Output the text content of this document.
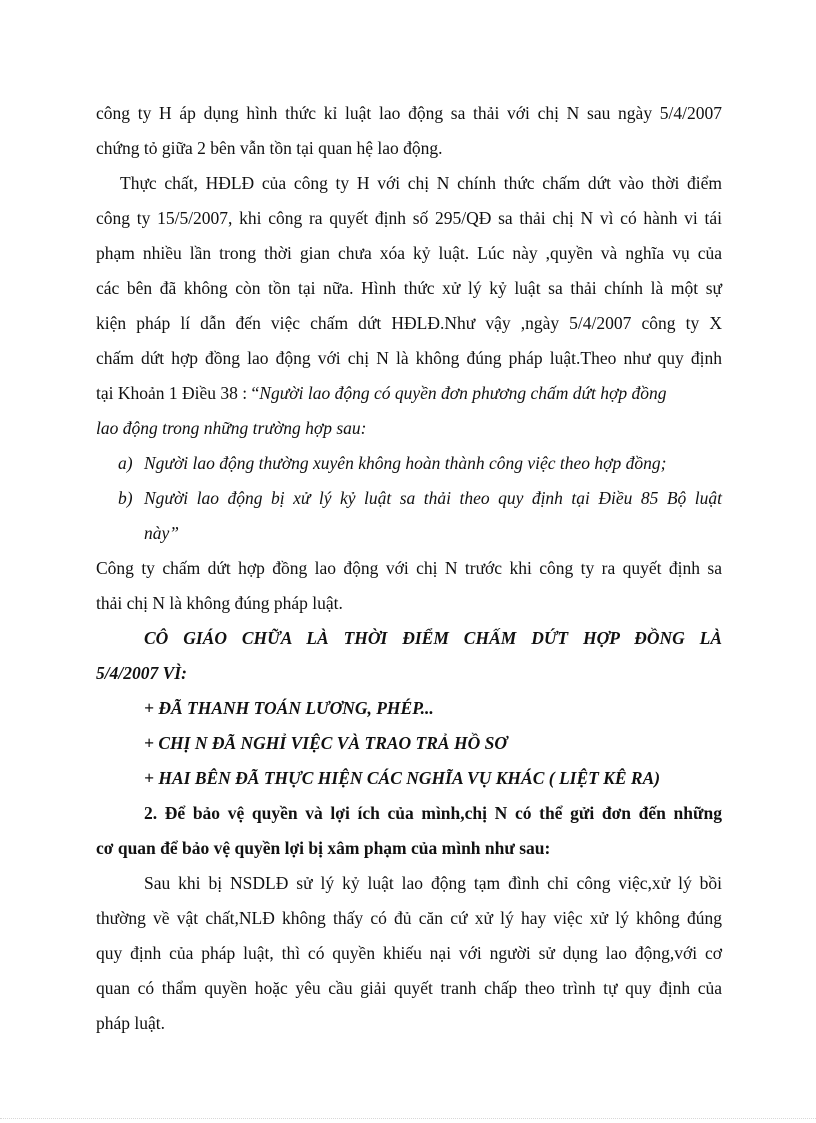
công ty H áp dụng hình thức kỉ luật lao động sa thải với chị N sau ngày 5/4/2007
chứng tỏ giữa 2 bên vẫn tồn tại quan hệ lao động.
Thực chất, HĐLĐ của công ty H với chị N chính thức chấm dứt vào thời điểm
công ty 15/5/2007, khi công ra quyết định số 295/QĐ sa thải chị N vì có hành vi tái
phạm nhiều lần trong thời gian chưa xóa kỷ luật. Lúc này ,quyền và nghĩa vụ của
các bên đã không còn tồn tại nữa. Hình thức xử lý kỷ luật sa thải chính là một sự
kiện pháp lí dẫn đến việc chấm dứt HĐLĐ.Như vậy ,ngày 5/4/2007 công ty X
chấm dứt hợp đồng lao động với chị N là không đúng pháp luật.Theo như quy định
tại Khoản 1 Điều 38 : “Người lao động có quyền đơn phương chấm dứt hợp đồng
lao động trong những trường hợp sau:
a) Người lao động thường xuyên không hoàn thành công việc theo hợp đồng;
b) Người lao động bị xử lý kỷ luật sa thải theo quy định tại Điều 85 Bộ luật
này”
Công ty chấm dứt hợp đồng lao động với chị N trước khi công ty ra quyết định sa
thải chị N là không đúng pháp luật.
CÔ GIÁO CHỮA LÀ THỜI ĐIỂM CHẤM DỨT HỢP ĐỒNG LÀ
5/4/2007 VÌ:
+ ĐÃ THANH TOÁN LƯƠNG, PHÉP...
+ CHỊ N ĐÃ NGHỈ VIỆC VÀ TRAO TRẢ HỒ SƠ
+ HAI BÊN ĐÃ THỰC HIỆN CÁC NGHĨA VỤ KHÁC ( LIỆT KÊ RA)
2. Để bảo vệ quyền và lợi ích của mình,chị N có thể gửi đơn đến những
cơ quan để bảo vệ quyền lợi bị xâm phạm của mình như sau:
Sau khi bị NSDLĐ sử lý kỷ luật lao động tạm đình chỉ công việc,xử lý bồi
thường về vật chất,NLĐ không thấy có đủ căn cứ xử lý hay việc xử lý không đúng
quy định của pháp luật, thì có quyền khiếu nại với người sử dụng lao động,với cơ
quan có thẩm quyền hoặc yêu cầu giải quyết tranh chấp theo trình tự quy định của
pháp luật.
